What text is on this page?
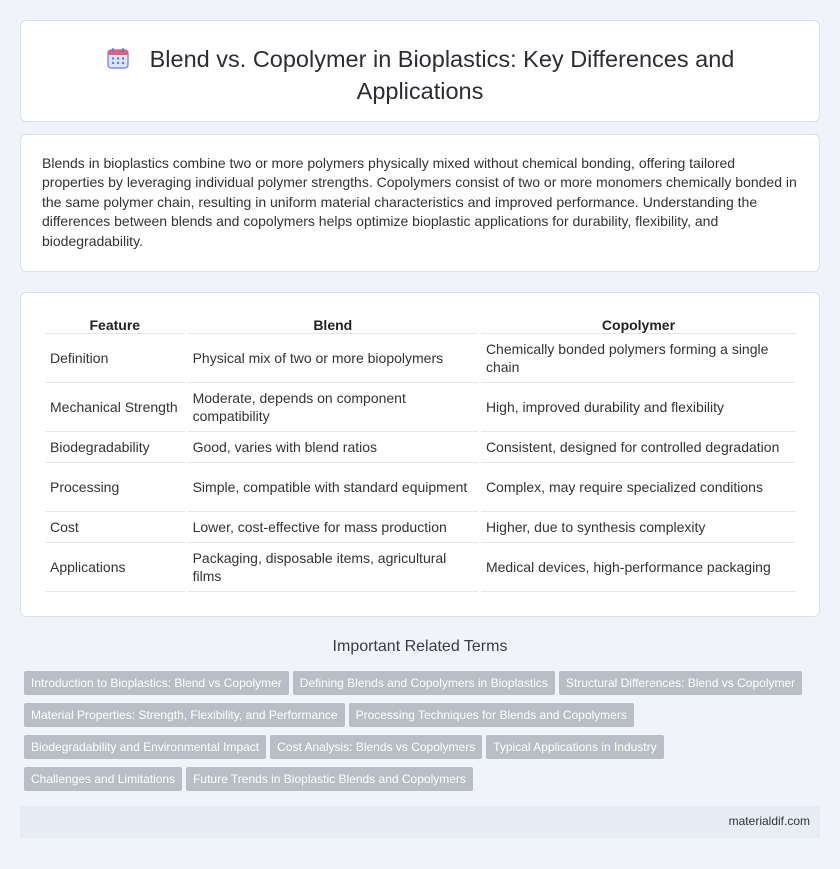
Blend vs. Copolymer in Bioplastics: Key Differences and Applications

Blends in bioplastics combine two or more polymers physically mixed without chemical bonding, offering tailored properties by leveraging individual polymer strengths. Copolymers consist of two or more monomers chemically bonded in the same polymer chain, resulting in uniform material characteristics and improved performance. Understanding the differences between blends and copolymers helps optimize bioplastic applications for durability, flexibility, and biodegradability.

Feature	Blend	Copolymer
Definition	Physical mix of two or more biopolymers	Chemically bonded polymers forming a single chain
Mechanical Strength	Moderate, depends on component compatibility	High, improved durability and flexibility
Biodegradability	Good, varies with blend ratios	Consistent, designed for controlled degradation
Processing	Simple, compatible with standard equipment	Complex, may require specialized conditions
Cost	Lower, cost-effective for mass production	Higher, due to synthesis complexity
Applications	Packaging, disposable items, agricultural films	Medical devices, high-performance packaging
Important Related Terms
Introduction to Bioplastics: Blend vs Copolymer Defining Blends and Copolymers in Bioplastics Structural Differences: Blend vs Copolymer
Material Properties: Strength, Flexibility, and Performance Processing Techniques for Blends and Copolymers
Biodegradability and Environmental Impact Cost Analysis: Blends vs Copolymers Typical Applications in Industry
Challenges and Limitations Future Trends in Bioplastic Blends and Copolymers
materialdif.com
